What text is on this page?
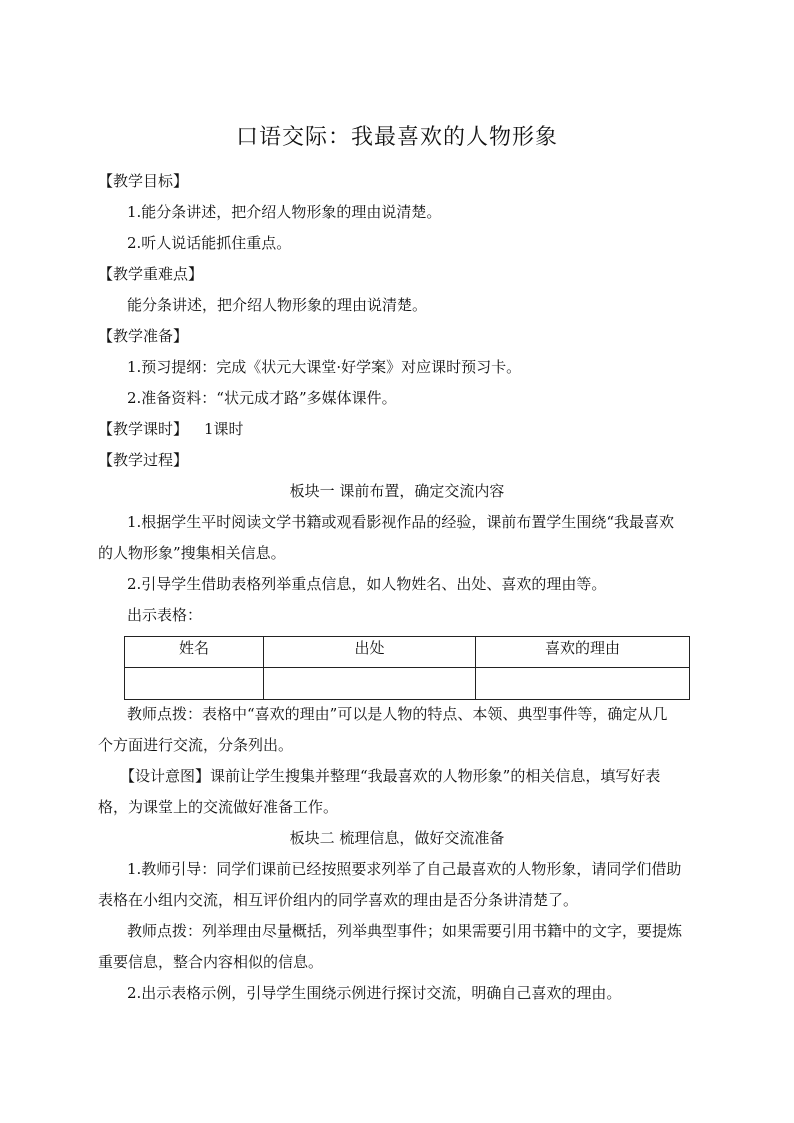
口语交际：我最喜欢的人物形象
【教学目标】
1.能分条讲述，把介绍人物形象的理由说清楚。
2.听人说话能抓住重点。
【教学重难点】
能分条讲述，把介绍人物形象的理由说清楚。
【教学准备】
1.预习提纲：完成《状元大课堂·好学案》对应课时预习卡。
2.准备资料：“状元成才路”多媒体课件。
【教学课时】 1课时
【教学过程】
板块一 课前布置，确定交流内容
1.根据学生平时阅读文学书籍或观看影视作品的经验，课前布置学生围绕“我最喜欢
的人物形象”搜集相关信息。
2.引导学生借助表格列举重点信息，如人物姓名、出处、喜欢的理由等。
出示表格：
姓名	出处	喜欢的理由

教师点拨：表格中“喜欢的理由”可以是人物的特点、本领、典型事件等，确定从几
个方面进行交流，分条列出。
【设计意图】课前让学生搜集并整理“我最喜欢的人物形象”的相关信息，填写好表
格，为课堂上的交流做好准备工作。
板块二 梳理信息，做好交流准备
1.教师引导：同学们课前已经按照要求列举了自己最喜欢的人物形象，请同学们借助
表格在小组内交流，相互评价组内的同学喜欢的理由是否分条讲清楚了。
教师点拨：列举理由尽量概括，列举典型事件；如果需要引用书籍中的文字，要提炼
重要信息，整合内容相似的信息。
2.出示表格示例，引导学生围绕示例进行探讨交流，明确自己喜欢的理由。
